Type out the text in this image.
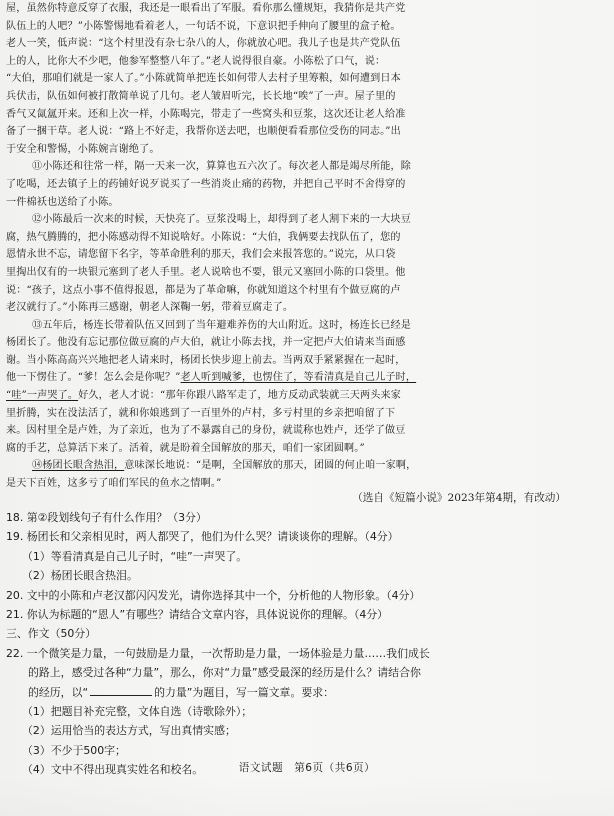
屋，虽然你特意反穿了衣服，我还是一眼看出了军服。看你那么懂规矩，我猜你是共产党
队伍上的人吧？”小陈警惕地看着老人，一句话不说，下意识把手伸向了腰里的盒子枪。
老人一笑，低声说：“这个村里没有杂七杂八的人，你就放心吧。我儿子也是共产党队伍
上的人，比你大不少吧，他参军整整八年了。”老人说得很自豪。小陈松了口气，说：
“大伯，那咱们就是一家人了。”小陈就简单把连长如何带人去村子里筹粮，如何遭到日本
兵伏击，队伍如何被打散简单说了几句。老人皱眉听完，长长地“唉”了一声。屋子里的
香气又氤氲开来。还和上次一样，小陈喝完，带走了一些窝头和豆浆，这次还让老人给准
备了一捆干草。老人说：“路上不好走，我帮你送去吧，也顺便看看那位受伤的同志。”出
于安全和警惕，小陈婉言谢绝了。
⑪小陈还和往常一样，隔一天来一次，算算也五六次了。每次老人都是竭尽所能，除
了吃喝，还去镇子上的药铺好说歹说买了一些消炎止痛的药物，并把自己平时不舍得穿的
一件棉袄也送给了小陈。
⑫小陈最后一次来的时候，天快亮了。豆浆没喝上，却得到了老人割下来的一大块豆
腐，热气腾腾的，把小陈感动得不知说啥好。小陈说：“大伯，我俩要去找队伍了，您的
恩情永世不忘，请您留下名字，等革命胜利的那天，我们会来报答您的。”说完，从口袋
里掏出仅有的一块银元塞到了老人手里。老人说啥也不要，银元又塞回小陈的口袋里。他
说：“孩子，这点小事不值得报恩，都是为了革命嘛，你就知道这个村里有个做豆腐的卢
老汉就行了。”小陈再三感谢，朝老人深鞠一躬，带着豆腐走了。
⑬五年后，杨连长带着队伍又回到了当年避难养伤的大山附近。这时，杨连长已经是
杨团长了。他没有忘记那位做豆腐的卢大伯，就让小陈去找，并一定把卢大伯请来当面感
谢。当小陈高高兴兴地把老人请来时，杨团长快步迎上前去。当两双手紧紧握在一起时，
他一下愣住了。“爹！怎么会是你呢？”老人听到喊爹，也愣住了，等看清真是自己儿子时，
“哇”一声哭了。好久，老人才说：“那年你跟八路军走了，地方反动武装就三天两头来家
里折腾，实在没法活了，就和你娘逃到了一百里外的卢村，多亏村里的乡亲把咱留了下
来。因村里全是卢姓，为了亲近，也为了不暴露自己的身份，就谎称也姓卢，还学了做豆
腐的手艺，总算活下来了。活着，就是盼着全国解放的那天，咱们一家团圆啊。”
⑭杨团长眼含热泪，意味深长地说：“是啊，全国解放的那天，团圆的何止咱一家啊，
是天下百姓，这多亏了咱们军民的鱼水之情啊。”
（选自《短篇小说》2023年第4期，有改动）
18. 第②段划线句子有什么作用？（3分）
19. 杨团长和父亲相见时，两人都哭了，他们为什么哭？请谈谈你的理解。（4分）
（1）等看清真是自己儿子时，“哇”一声哭了。
（2）杨团长眼含热泪。
20. 文中的小陈和卢老汉都闪闪发光，请你选择其中一个，分析他的人物形象。（4分）
21. 你认为标题的“恩人”有哪些？请结合文章内容，具体说说你的理解。（4分）
三、作文（50分）
22. 一个微笑是力量，一句鼓励是力量，一次帮助是力量，一场体验是力量……我们成长
的路上，感受过各种“力量”，那么，你对“力量”感受最深的经历是什么？请结合你
的经历，以“	的力量”为题目，写一篇文章。要求：
（1）把题目补充完整，文体自选（诗歌除外）；
（2）运用恰当的表达方式，写出真情实感；
（3）不少于500字；
（4）文中不得出现真实姓名和校名。	语文试题　第6页（共6页）
